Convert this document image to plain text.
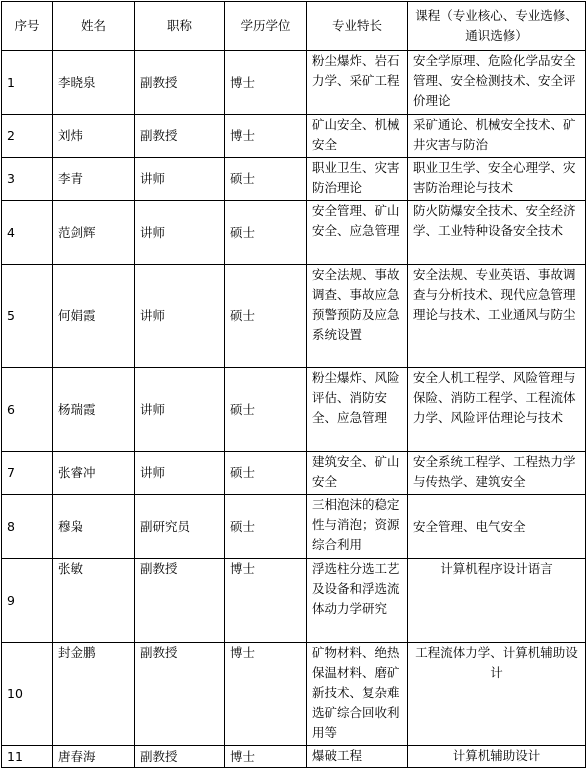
序号	姓名	职称	学历学位	专业特长	课程（专业核心、专业选修、通识选修）
1	李晓泉	副教授	博士	粉尘爆炸、岩石力学、采矿工程	安全学原理、危险化学品安全管理、安全检测技术、安全评价理论
2	刘炜	副教授	博士	矿山安全、机械安全	采矿通论、机械安全技术、矿井灾害与防治
3	李青	讲师	硕士	职业卫生、灾害防治理论	职业卫生学、安全心理学、灾害防治理论与技术
4	范剑辉	讲师	硕士	安全管理、矿山安全、应急管理	防火防爆安全技术、安全经济学、工业特种设备安全技术
5	何娟霞	讲师	硕士	安全法规、事故调查、事故应急预警预防及应急系统设置	安全法规、专业英语、事故调查与分析技术、现代应急管理理论与技术、工业通风与防尘
6	杨瑞霞	讲师	硕士	粉尘爆炸、风险评估、消防安全、应急管理	安全人机工程学、风险管理与保险、消防工程学、工程流体力学、风险评估理论与技术
7	张睿冲	讲师	硕士	建筑安全、矿山安全	安全系统工程学、工程热力学与传热学、建筑安全
8	穆枭	副研究员	硕士	三相泡沫的稳定性与消泡；资源综合利用	安全管理、电气安全
9	张敏	副教授	博士	浮选柱分选工艺及设备和浮选流体动力学研究	计算机程序设计语言
10	封金鹏	副教授	博士	矿物材料、绝热保温材料、磨矿新技术、复杂难选矿综合回收利用等	工程流体力学、计算机辅助设计
11	唐春海	副教授	博士	爆破工程	计算机辅助设计
